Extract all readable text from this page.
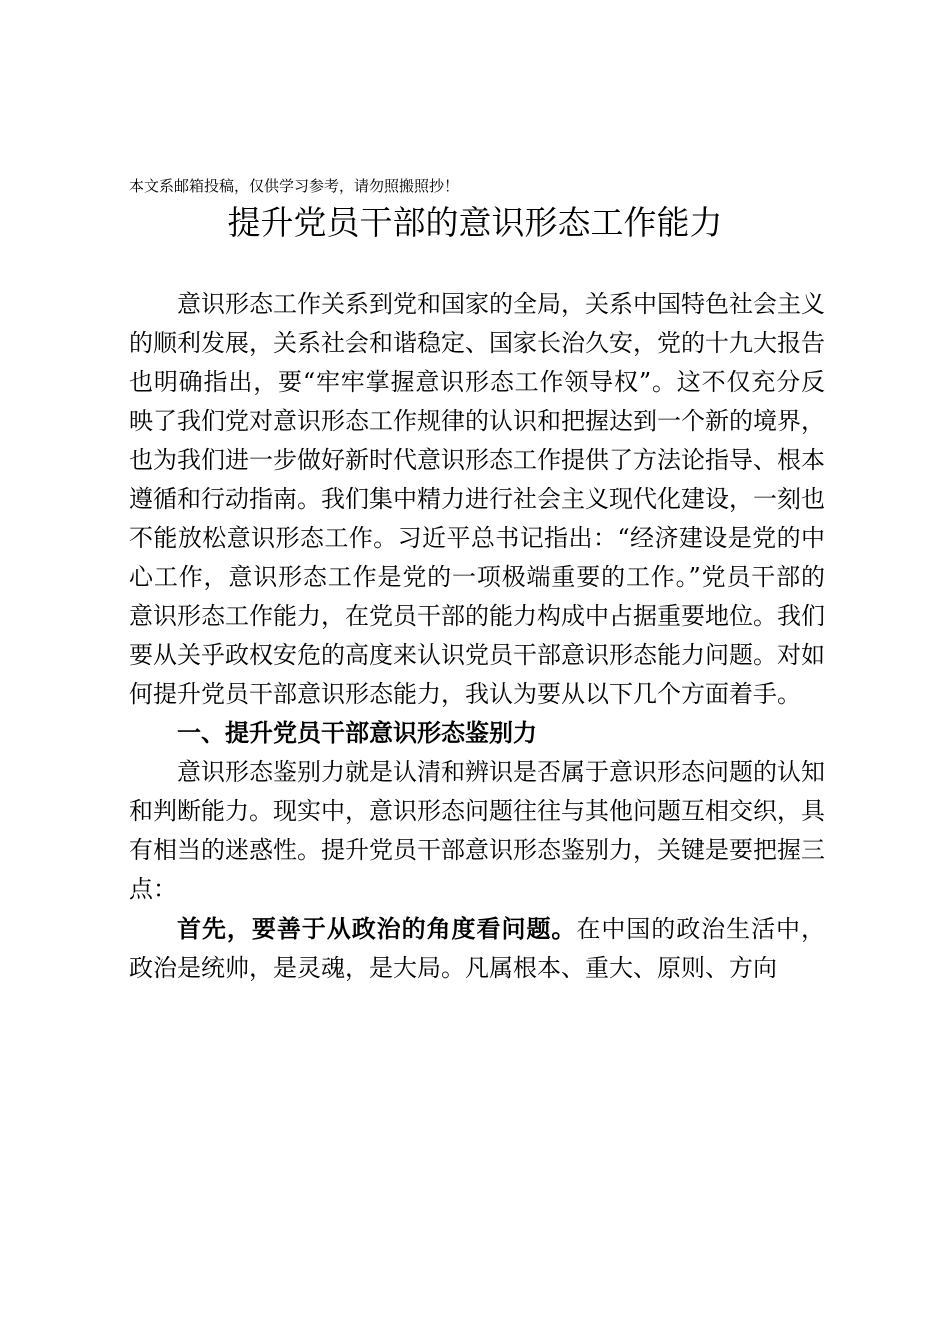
本文系邮箱投稿，仅供学习参考，请勿照搬照抄！
提升党员干部的意识形态工作能力

意识形态工作关系到党和国家的全局，关系中国特色社会主义的顺利发展，关系社会和谐稳定、国家长治久安，党的十九大报告也明确指出，要“牢牢掌握意识形态工作领导权”。这不仅充分反映了我们党对意识形态工作规律的认识和把握达到一个新的境界，也为我们进一步做好新时代意识形态工作提供了方法论指导、根本遵循和行动指南。我们集中精力进行社会主义现代化建设，一刻也不能放松意识形态工作。习近平总书记指出：“经济建设是党的中心工作，意识形态工作是党的一项极端重要的工作。”党员干部的意识形态工作能力，在党员干部的能力构成中占据重要地位。我们要从关乎政权安危的高度来认识党员干部意识形态能力问题。对如何提升党员干部意识形态能力，我认为要从以下几个方面着手。

一、提升党员干部意识形态鉴别力

意识形态鉴别力就是认清和辨识是否属于意识形态问题的认知和判断能力。现实中，意识形态问题往往与其他问题互相交织，具有相当的迷惑性。提升党员干部意识形态鉴别力，关键是要把握三点：

首先，要善于从政治的角度看问题。在中国的政治生活中， 政治是统帅，是灵魂，是大局。凡属根本、重大、原则、方向
